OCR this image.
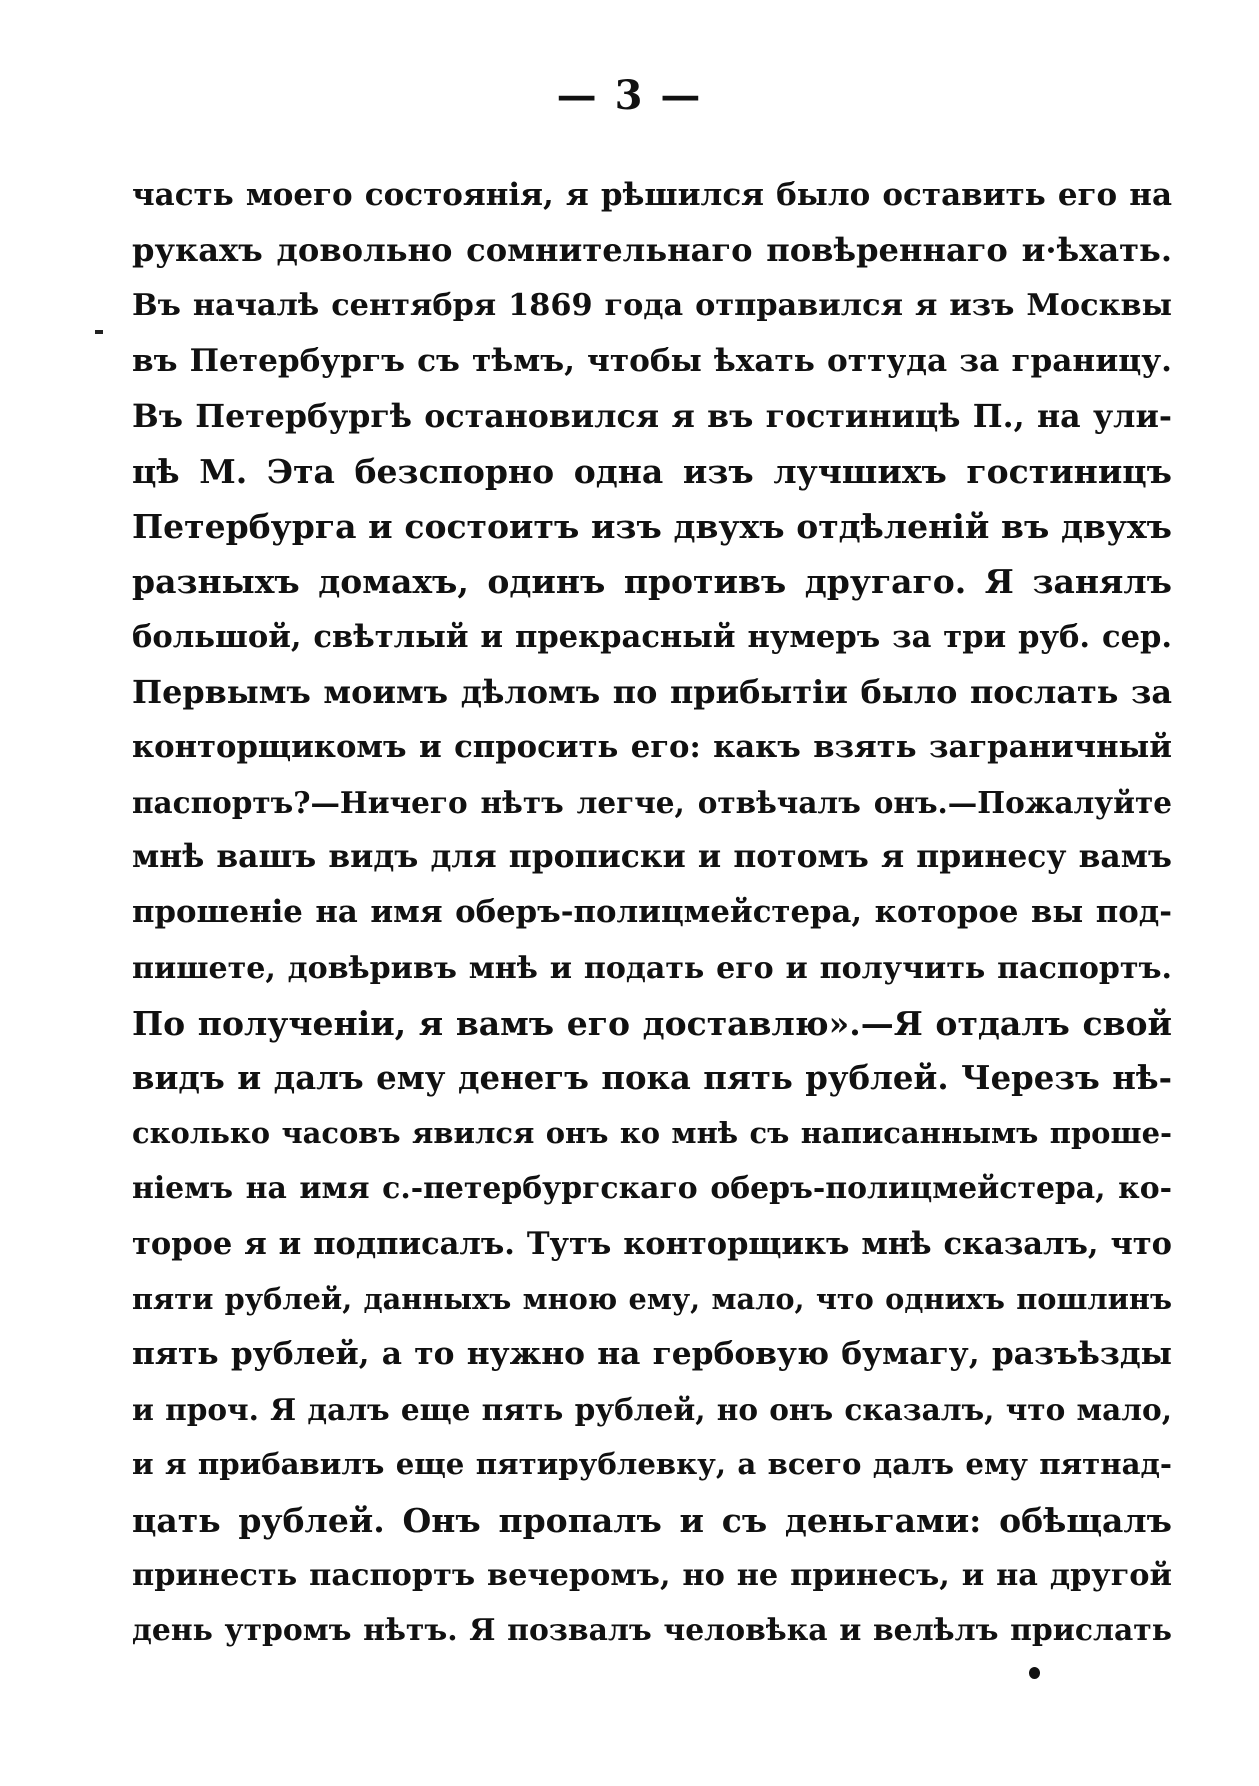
— 3 —
часть моего состоянія, я рѣшился было оставить его на
рукахъ довольно сомнительнаго повѣреннаго и·ѣхать.
Въ началѣ сентября 1869 года отправился я изъ Москвы
въ Петербургъ съ тѣмъ, чтобы ѣхать оттуда за границу.
Въ Петербургѣ остановился я въ гостиницѣ П., на ули-
цѣ М. Эта безспорно одна изъ лучшихъ гостиницъ
Петербурга и состоитъ изъ двухъ отдѣленій въ двухъ
разныхъ домахъ, одинъ противъ другаго. Я занялъ
большой, свѣтлый и прекрасный нумеръ за три руб. сер.
Первымъ моимъ дѣломъ по прибытіи было послать за
конторщикомъ и спросить его: какъ взять заграничный
паспортъ?—Ничего нѣтъ легче, отвѣчалъ онъ.—Пожалуйте
мнѣ вашъ видъ для прописки и потомъ я принесу вамъ
прошеніе на имя оберъ-полицмейстера, которое вы под-
пишете, довѣривъ мнѣ и подать его и получить паспортъ.
По полученіи, я вамъ его доставлю».—Я отдалъ свой
видъ и далъ ему денегъ пока пять рублей. Черезъ нѣ-
сколько часовъ явился онъ ко мнѣ съ написаннымъ проше-
ніемъ на имя с.-петербургскаго оберъ-полицмейстера, ко-
торое я и подписалъ. Тутъ конторщикъ мнѣ сказалъ, что
пяти рублей, данныхъ мною ему, мало, что однихъ пошлинъ
пять рублей, а то нужно на гербовую бумагу, разъѣзды
и проч. Я далъ еще пять рублей, но онъ сказалъ, что мало,
и я прибавилъ еще пятирублевку, а всего далъ ему пятнад-
цать рублей. Онъ пропалъ и съ деньгами: обѣщалъ
принесть паспортъ вечеромъ, но не принесъ, и на другой
день утромъ нѣтъ. Я позвалъ человѣка и велѣлъ прислать
